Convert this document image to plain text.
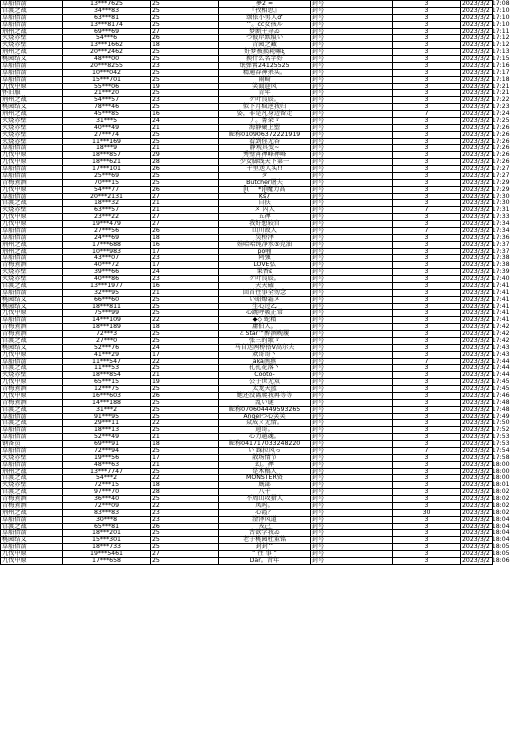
草船借箭	13***7625	25	夢2 ≈	封号	3	2023/3/2 17:08
宫渡之战	34***83	25	『孜相思』	封号	3	2023/3/2 17:10
草船借箭	63***81	25	颂依小男人♂	封号	3	2023/3/2 17:10
草船借箭	13***8174	25	^。cc女孩ル	封号	3	2023/3/2 17:10
荆州之战	69***69	27	梦断千寻ゐ	封号	3	2023/3/2 17:11
火烧赤壁	54***6	26	づ彼岸默痕い	封号	3	2023/3/2 17:12
火烧赤壁	13***1662	18	青园之藏	封号	3	2023/3/2 17:12
荆州之战	20***2462	25	好梦被损耗嘛ξ	封号	3	2023/3/2 17:13
桃园结义	48***00	25	换什么名字好	封号	3	2023/3/2 17:15
草船借箭	20***8255	23	氓弹霄24125525	封号	3	2023/3/2 17:16
草船借箭	10***042	25	精通吞神杀头。	封号	3	2023/3/2 17:17
草船借箭	15***701	25	雨畸	封号	3	2023/3/2 17:18
九伐中原	55***06	19	笑面迎风	封号	3	2023/3/2 17:21
怀旧服	21***20	25	青年	封号	3	2023/3/2 17:21
荆州之战	54***57	23	ケ叶良辰。	封号	3	2023/3/2 17:22
桃园结义	78***46	25	似下月疯逆我归	封号	3	2023/3/2 17:23
荆州之战	45***85	16	姿，非是凡身边留走	封号	7	2023/3/2 17:24
火烧赤壁	31***5	24	丿。菁朵ゞ	封号	3	2023/3/2 17:25
火烧赤壁	40***49	21	海静聚上塑	封号	3	2023/3/2 17:26
火烧赤壁	27***74	25	昵称010906372221919	封号	3	2023/3/2 17:26
火烧赤壁	11***169	25	看到你无谷	封号	3	2023/3/2 17:26
草船借箭	18***9	21	静观其变~	封号	3	2023/3/2 17:26
九伐中原	18***857	29	秀璧宵禅峰禅峰	封号	3	2023/3/2 17:26
九伐中原	18***621	28	少女脚线天下第一	封号	3	2023/3/2 17:26
草船借箭	17***101	26	千里送人头!!	封号	3	2023/3/2 17:27
草船借箭	25***69	25	タ	封号	3	2023/3/2 17:27
青梅煮酒	70***15	25	Butcher屠夫	封号	3	2023/3/2 17:29
九伐中原	54***77	26	ᥫ(ˊ˘ˋ*)ᥫ魔力高	封号	3	2023/3/2 17:29
草船借箭	20***2131	27	Ks7	封号	3	2023/3/2 17:30
宫渡之战	18***32	21	自扶	封号	3	2023/3/2 17:30
火烧赤壁	63***57	21	メ 闪人	封号	7	2023/3/2 17:31
九伐中原	23***22	27	五禅	封号	3	2023/3/2 17:33
九伐中原	19***479	27	我好想较宫	封号	3	2023/3/2 17:34
草船借箭	27***56	26	山川故人	封号	7	2023/3/2 17:34
草船借箭	24***69	18	吴桥泽	封号	3	2023/3/2 17:36
荆州之战	17***688	16	娃哈哈纯净水⑤克油	封号	3	2023/3/2 17:37
荆州之战	10***983	17	po喃	封号	3	2023/3/2 17:37
草船借箭	43***07	23	阿强	封号	3	2023/3/2 17:38
青梅煮酒	40***72	17	LOVE弘	封号	3	2023/3/2 17:38
火烧赤壁	39***66	24	果香ε	封号	3	2023/3/2 17:39
火烧赤壁	40***86	23	ケ叶良辰。	封号	3	2023/3/2 17:40
宫渡之战	13***1977	16	天天磕	封号	3	2023/3/2 17:41
草船借箭	32***95	21	回首往事全勿念	封号	3	2023/3/2 17:41
桃园结义	66***60	25	い昭燎霜メ	封号	3	2023/3/2 17:41
桃园结义	18***811	25	生心过乙	封号	3	2023/3/2 17:41
九伐中原	75***99	25	心跳呼吸正常	封号	3	2023/3/2 17:41
草船借箭	14***109	22	◆◇ 蛇精	封号	3	2023/3/2 17:41
青梅煮酒	18***189	18	庸伯人。	封号	3	2023/3/2 17:42
青梅煮酒	72***3	25	ℰ Star™醉酒晚履	封号	3	2023/3/2 17:42
宫渡之战	27***0	25	张三的歌ゞ	封号	3	2023/3/2 17:42
桃园结义	52***76	24	马自达两桥搭V高尔夫	封号	3	2023/3/2 17:43
九伐中原	41***29	17	欢哥哥丶	封号	3	2023/3/2 17:43
草船借箭	11***547	22	aka南燕	封号	7	2023/3/2 17:44
宫渡之战	11***53	25	孔孔花落丶	封号	3	2023/3/2 17:44
火烧赤壁	18***854	21	Cooto-	封号	3	2023/3/2 17:44
九伐中原	65***15	19	公子世无双	封号	3	2023/3/2 17:45
青梅煮酒	12***75	25	太龙天蓝	封号	3	2023/3/2 17:45
九伐中原	16***603	26	她还没离爬我再等等	封号	3	2023/3/2 17:46
青梅煮酒	14***188	25	乱い谜	封号	3	2023/3/2 17:48
宫渡之战	31***2	25	昵称070604449593265	封号	3	2023/3/2 17:48
草船借箭	91***95	25	Angelつ心笑笑	封号	3	2023/3/2 17:49
宫渡之战	29***11	22	众成ㄨ无情。	封号	3	2023/3/2 17:50
草船借箭	18***13	25	逍哥。	封号	3	2023/3/2 17:52
草船借箭	52***49	21	心力越魂。	封号	3	2023/3/2 17:53
钢备员	69***91	18	昵称041717033248220	封号	3	2023/3/2 17:53
草船借箭	72***94	25	い 踩拉风っ	封号	7	2023/3/2 17:54
火烧赤壁	19***56	17	散场情节	封号	3	2023/3/2 17:58
草船借箭	48***63	21	幻。禅	封号	3	2023/3/2 18:00
荆州之战	13***7747	25	是木稿人	封号	3	2023/3/2 18:00
宫渡之战	54***2	22	MONSTER资	封号	3	2023/3/2 18:00
火烧赤壁	72***15	18	厩部	封号	3	2023/3/2 18:01
宫渡之战	97***70	28	八千	封号	3	2023/3/2 18:02
青梅煮酒	36***40	25	不周山攻猎人	封号	3	2023/3/2 18:02
青梅煮酒	72***09	22	凤呜。	封号	3	2023/3/2 18:02
荆州之战	83***83	23	心霞？	封号	30	2023/3/2 18:02
草船借箭	30***8	23	淦泽风道	封号	3	2023/3/2 18:04
宫渡之战	65***81	26	戎己	封号	3	2023/3/2 18:04
草船借箭	18***201	25	古欲学我ゐ	封号	3	2023/3/2 18:04
桃园结义	15***301	25	老子桃园杜董铭	封号	3	2023/3/2 18:04
草船借箭	18***733	25	封封^	封号	3	2023/3/2 18:05
九伐中原	19***5461	27	” 往 事 ”	封号	3	2023/3/2 18:05
九伐中原	17***658	25	Dar。昔年	封号	3	2023/3/2 18:06
